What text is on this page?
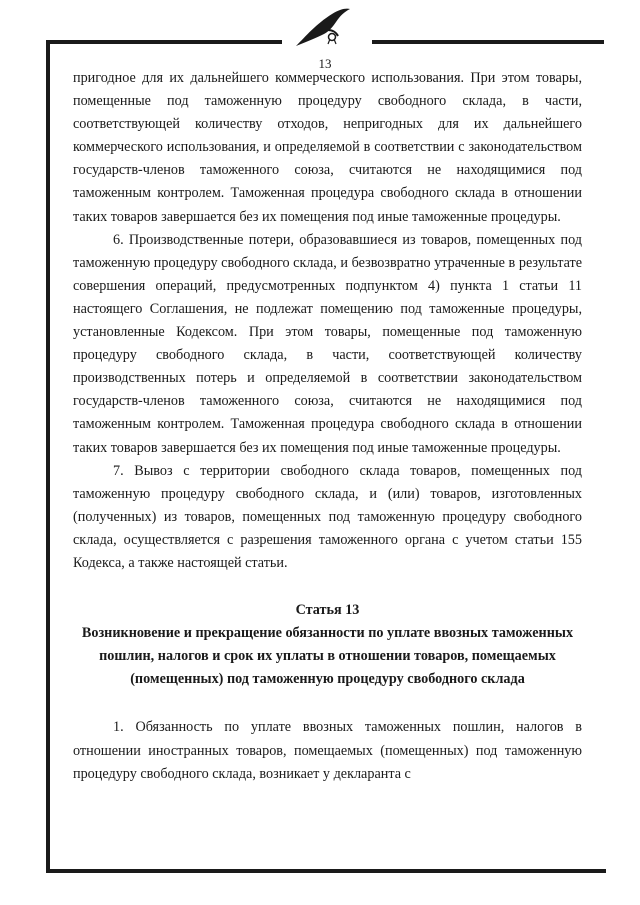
13

пригодное для их дальнейшего коммерческого использования. При этом товары, помещенные под таможенную процедуру свободного склада, в части, соответствующей количеству отходов, непригодных для их дальнейшего коммерческого использования, и определяемой в соответствии с законодательством государств-членов таможенного союза, считаются не находящимися под таможенным контролем. Таможенная процедура свободного склада в отношении таких товаров завершается без их помещения под иные таможенные процедуры.

6. Производственные потери, образовавшиеся из товаров, помещенных под таможенную процедуру свободного склада, и безвозвратно утраченные в результате совершения операций, предусмотренных подпунктом 4) пункта 1 статьи 11 настоящего Соглашения, не подлежат помещению под таможенные процедуры, установленные Кодексом. При этом товары, помещенные под таможенную процедуру свободного склада, в части, соответствующей количеству производственных потерь и определяемой в соответствии законодательством государств-членов таможенного союза, считаются не находящимися под таможенным контролем. Таможенная процедура свободного склада в отношении таких товаров завершается без их помещения под иные таможенные процедуры.

7. Вывоз с территории свободного склада товаров, помещенных под таможенную процедуру свободного склада, и (или) товаров, изготовленных (полученных) из товаров, помещенных под таможенную процедуру свободного склада, осуществляется с разрешения таможенного органа с учетом статьи 155 Кодекса, а также настоящей статьи.

Статья 13

Возникновение и прекращение обязанности по уплате ввозных таможенных пошлин, налогов и срок их уплаты в отношении товаров, помещаемых (помещенных) под таможенную процедуру свободного склада

1. Обязанность по уплате ввозных таможенных пошлин, налогов в отношении иностранных товаров, помещаемых (помещенных) под таможенную процедуру свободного склада, возникает у декларанта с
